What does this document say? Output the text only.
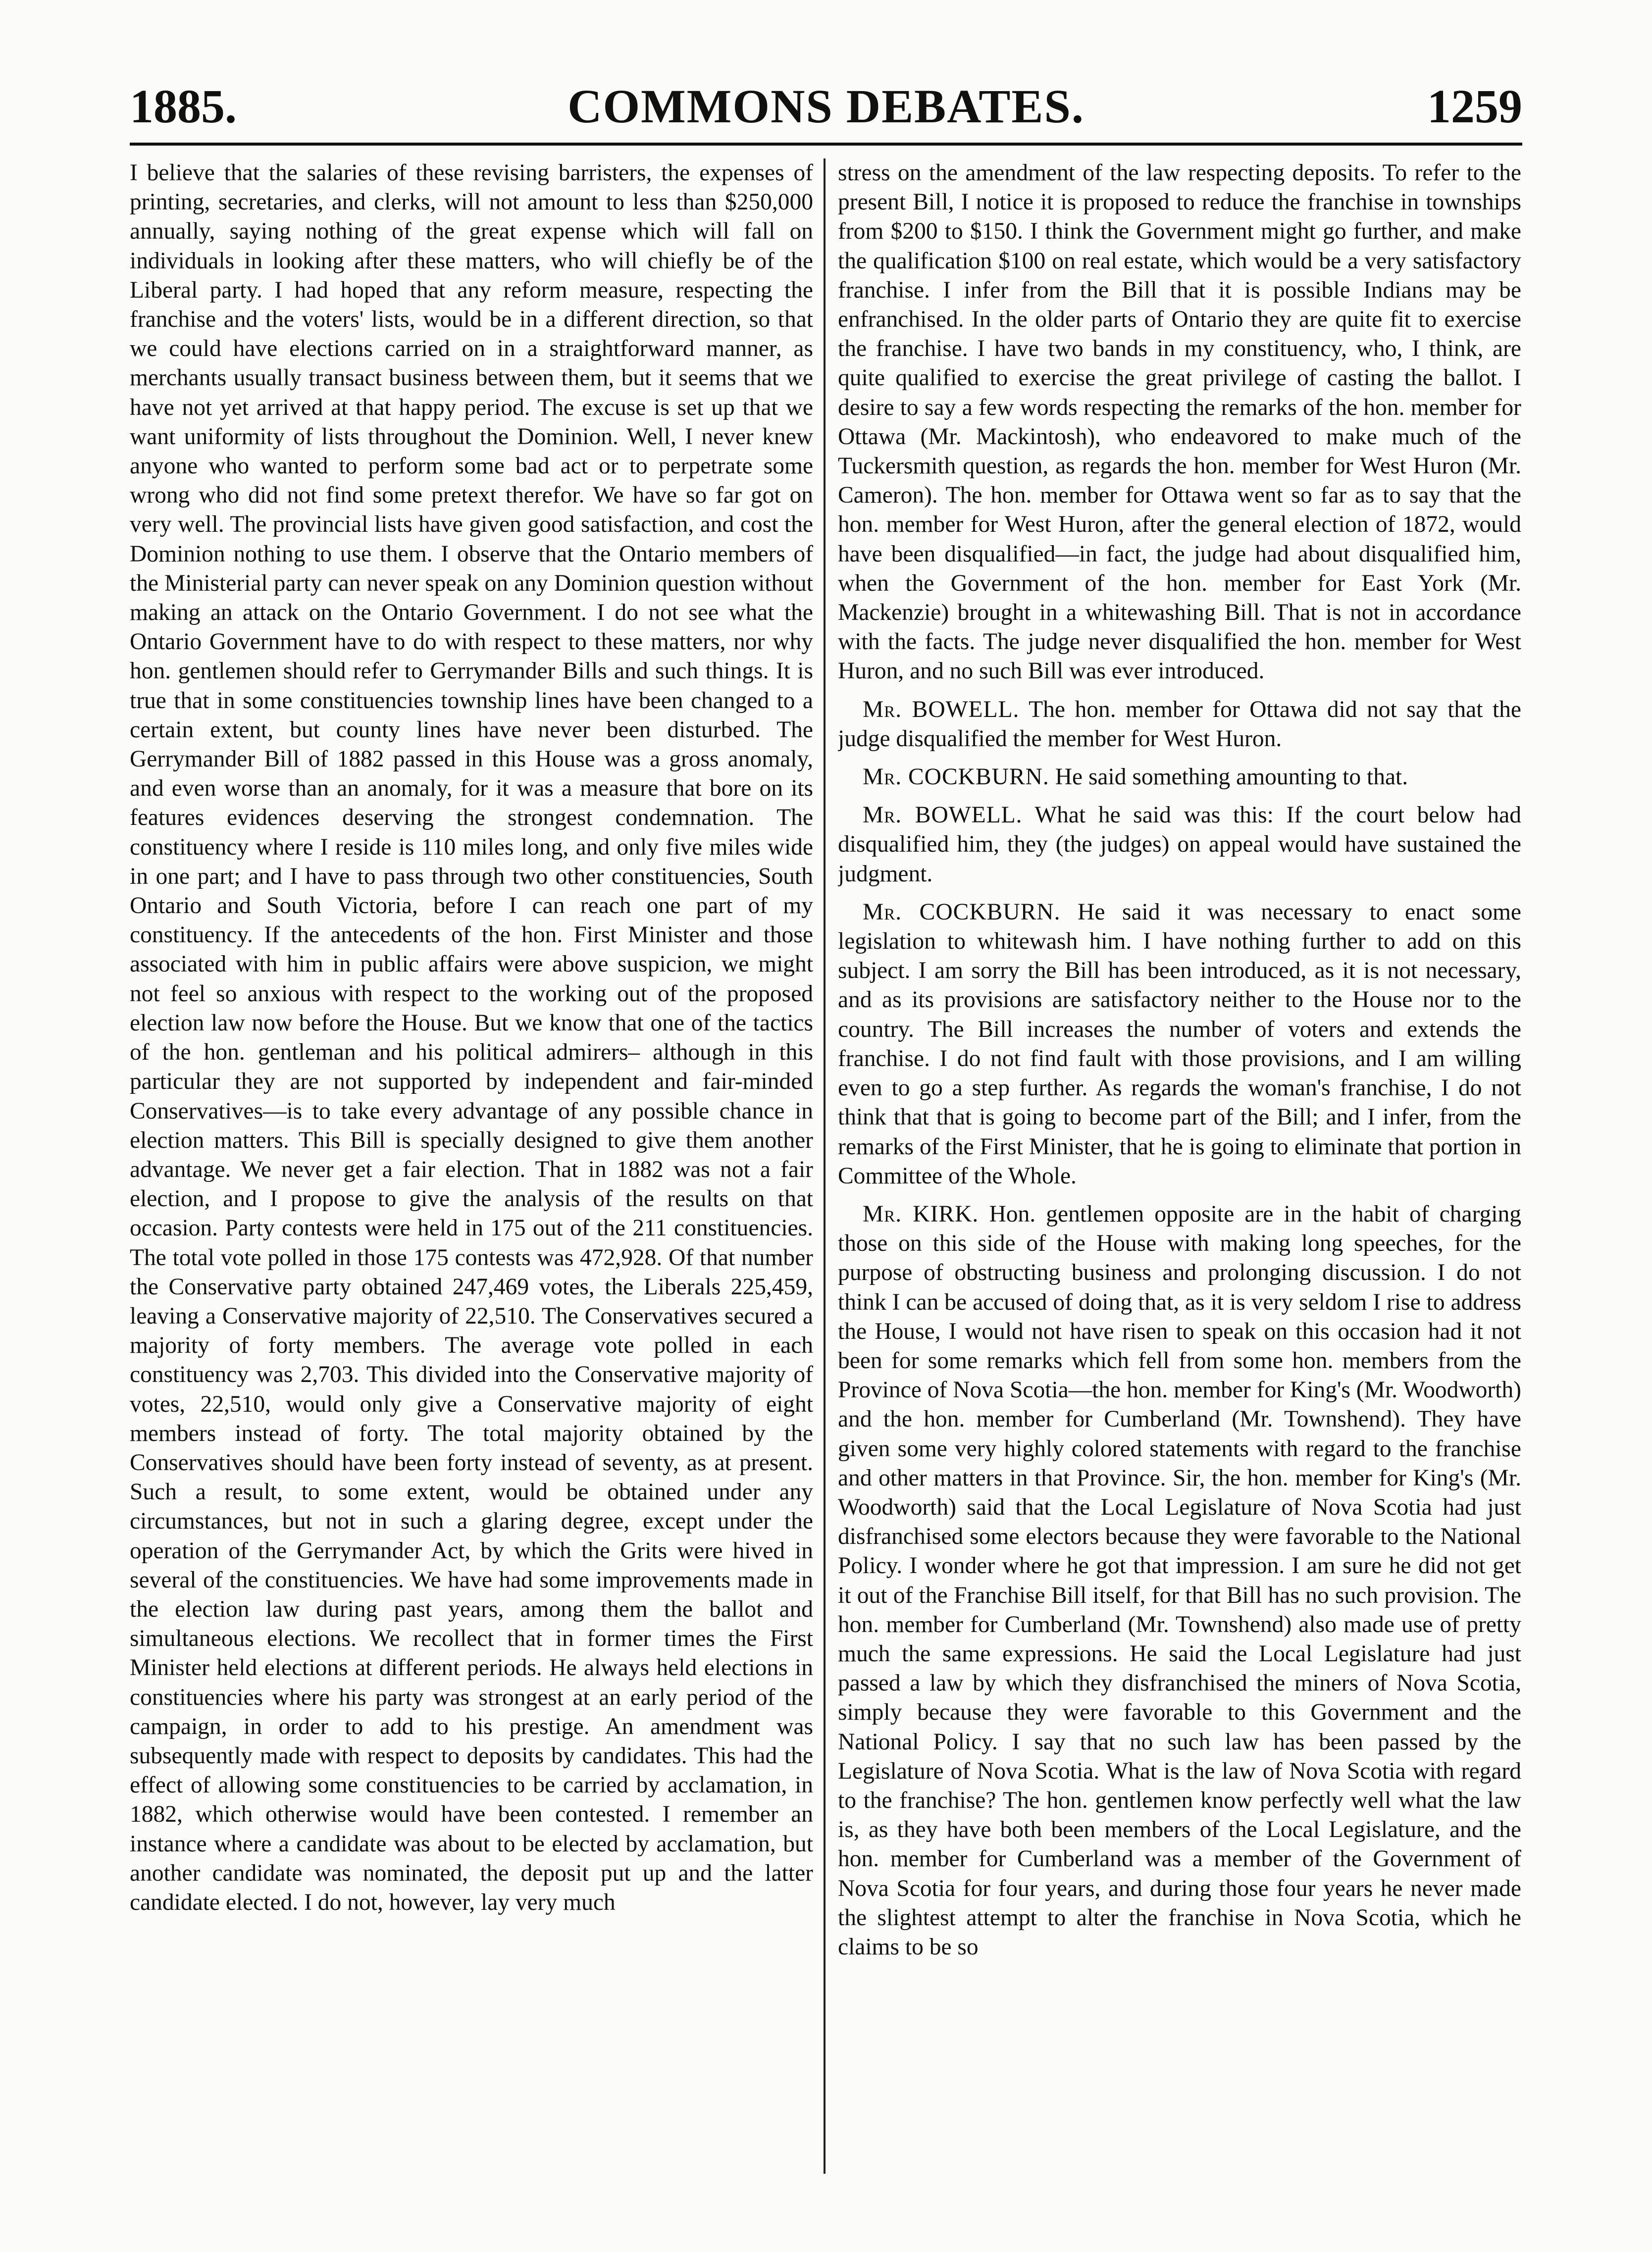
1885.	COMMONS DEBATES.	1259

I believe that the salaries of these revising barristers, the expenses of printing, secretaries, and clerks, will not amount to less than $250,000 annually, saying nothing of the great expense which will fall on individuals in looking after these matters, who will chiefly be of the Liberal party. I had hoped that any reform measure, respecting the franchise and the voters' lists, would be in a different direction, so that we could have elections carried on in a straightforward manner, as merchants usually transact business between them, but it seems that we have not yet arrived at that happy period. The excuse is set up that we want uniformity of lists throughout the Dominion. Well, I never knew anyone who wanted to perform some bad act or to perpetrate some wrong who did not find some pretext therefor. We have so far got on very well. The provincial lists have given good satisfaction, and cost the Dominion nothing to use them. I observe that the Ontario members of the Ministerial party can never speak on any Dominion question without making an attack on the Ontario Government. I do not see what the Ontario Government have to do with respect to these matters, nor why hon. gentlemen should refer to Gerrymander Bills and such things. It is true that in some constituencies township lines have been changed to a certain extent, but county lines have never been disturbed. The Gerrymander Bill of 1882 passed in this House was a gross anomaly, and even worse than an anomaly, for it was a measure that bore on its features evidences deserving the strongest condemnation. The constituency where I reside is 110 miles long, and only five miles wide in one part; and I have to pass through two other constituencies, South Ontario and South Victoria, before I can reach one part of my constituency. If the antecedents of the hon. First Minister and those associated with him in public affairs were above suspicion, we might not feel so anxious with respect to the working out of the proposed election law now before the House. But we know that one of the tactics of the hon. gentleman and his political admirers– although in this particular they are not supported by independent and fair-minded Conservatives—is to take every advantage of any possible chance in election matters. This Bill is specially designed to give them another advantage. We never get a fair election. That in 1882 was not a fair election, and I propose to give the analysis of the results on that occasion. Party contests were held in 175 out of the 211 constituencies. The total vote polled in those 175 contests was 472,928. Of that number the Conservative party obtained 247,469 votes, the Liberals 225,459, leaving a Conservative majority of 22,510. The Conservatives secured a majority of forty members. The average vote polled in each constituency was 2,703. This divided into the Conservative majority of votes, 22,510, would only give a Conservative majority of eight members instead of forty. The total majority obtained by the Conservatives should have been forty instead of seventy, as at present. Such a result, to some extent, would be obtained under any circumstances, but not in such a glaring degree, except under the operation of the Gerrymander Act, by which the Grits were hived in several of the constituencies. We have had some improvements made in the election law during past years, among them the ballot and simultaneous elections. We recollect that in former times the First Minister held elections at different periods. He always held elections in constituencies where his party was strongest at an early period of the campaign, in order to add to his prestige. An amendment was subsequently made with respect to deposits by candidates. This had the effect of allowing some constituencies to be carried by acclamation, in 1882, which otherwise would have been contested. I remember an instance where a candidate was about to be elected by acclamation, but another candidate was nominated, the deposit put up and the latter candidate elected. I do not, however, lay very much

stress on the amendment of the law respecting deposits. To refer to the present Bill, I notice it is proposed to reduce the franchise in townships from $200 to $150. I think the Government might go further, and make the qualification $100 on real estate, which would be a very satisfactory franchise. I infer from the Bill that it is possible Indians may be enfranchised. In the older parts of Ontario they are quite fit to exercise the franchise. I have two bands in my constituency, who, I think, are quite qualified to exercise the great privilege of casting the ballot. I desire to say a few words respecting the remarks of the hon. member for Ottawa (Mr. Mackintosh), who endeavored to make much of the Tuckersmith question, as regards the hon. member for West Huron (Mr. Cameron). The hon. member for Ottawa went so far as to say that the hon. member for West Huron, after the general election of 1872, would have been disqualified—in fact, the judge had about disqualified him, when the Government of the hon. member for East York (Mr. Mackenzie) brought in a whitewashing Bill. That is not in accordance with the facts. The judge never disqualified the hon. member for West Huron, and no such Bill was ever introduced.

Mr. BOWELL. The hon. member for Ottawa did not say that the judge disqualified the member for West Huron.

Mr. COCKBURN. He said something amounting to that.

Mr. BOWELL. What he said was this: If the court below had disqualified him, they (the judges) on appeal would have sustained the judgment.

Mr. COCKBURN. He said it was necessary to enact some legislation to whitewash him. I have nothing further to add on this subject. I am sorry the Bill has been introduced, as it is not necessary, and as its provisions are satisfactory neither to the House nor to the country. The Bill increases the number of voters and extends the franchise. I do not find fault with those provisions, and I am willing even to go a step further. As regards the woman's franchise, I do not think that that is going to become part of the Bill; and I infer, from the remarks of the First Minister, that he is going to eliminate that portion in Committee of the Whole.

Mr. KIRK. Hon. gentlemen opposite are in the habit of charging those on this side of the House with making long speeches, for the purpose of obstructing business and prolonging discussion. I do not think I can be accused of doing that, as it is very seldom I rise to address the House, I would not have risen to speak on this occasion had it not been for some remarks which fell from some hon. members from the Province of Nova Scotia—the hon. member for King's (Mr. Woodworth) and the hon. member for Cumberland (Mr. Townshend). They have given some very highly colored statements with regard to the franchise and other matters in that Province. Sir, the hon. member for King's (Mr. Woodworth) said that the Local Legislature of Nova Scotia had just disfranchised some electors because they were favorable to the National Policy. I wonder where he got that impression. I am sure he did not get it out of the Franchise Bill itself, for that Bill has no such provision. The hon. member for Cumberland (Mr. Townshend) also made use of pretty much the same expressions. He said the Local Legislature had just passed a law by which they disfranchised the miners of Nova Scotia, simply because they were favorable to this Government and the National Policy. I say that no such law has been passed by the Legislature of Nova Scotia. What is the law of Nova Scotia with regard to the franchise? The hon. gentlemen know perfectly well what the law is, as they have both been members of the Local Legislature, and the hon. member for Cumberland was a member of the Government of Nova Scotia for four years, and during those four years he never made the slightest attempt to alter the franchise in Nova Scotia, which he claims to be so
